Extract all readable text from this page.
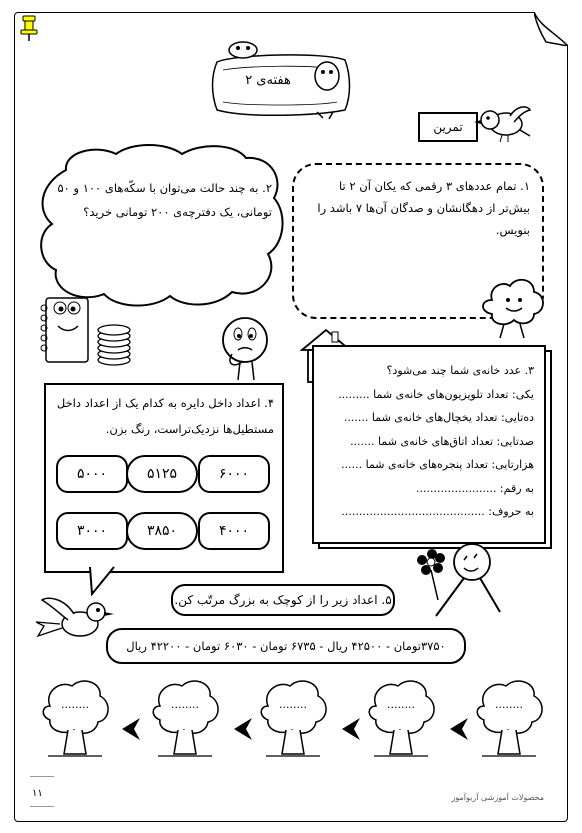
هفته‌ی ۲
تمرین
۱. تمام عددهای ۳ رقمی که یکان آن ۲ تا بیش‌تر از دهگانشان و صدگان آن‌ها ۷ باشد را بنویس.
۲. به چند حالت می‌توان با سکّه‌های ۱۰۰ و ۵۰ تومانی، یک دفترچه‌ی ۲۰۰ تومانی خرید؟
۳. عدد خانه‌ی شما چند می‌شود؟
یکی: تعداد تلویزیون‌های خانه‌ی شما .........
ده‌تایی: تعداد یخچال‌های خانه‌ی شما .......
صدتایی: تعداد اتاق‌های خانه‌ی شما .......
هزارتایی: تعداد پنجره‌های خانه‌ی شما ......
به رقم: .......................
به حروف: .........................................
۴. اعداد داخل دایره به کدام یک از اعداد داخل مستطیل‌ها نزدیک‌تراست، رنگ بزن.
۶۰۰۰
۵۱۲۵
۵۰۰۰
۴۰۰۰
۳۸۵۰
۳۰۰۰
۵. اعداد زیر را از کوچک به بزرگ مرتّب کن.
۳۷۵۰تومان - ۴۲۵۰۰ ریال - ۶۷۳۵ تومان - ۶۰۳۰ تومان - ۴۲۲۰۰ ریال
........
........
........
........
........
۱۱	محصولات آموزشی آریوآموز
